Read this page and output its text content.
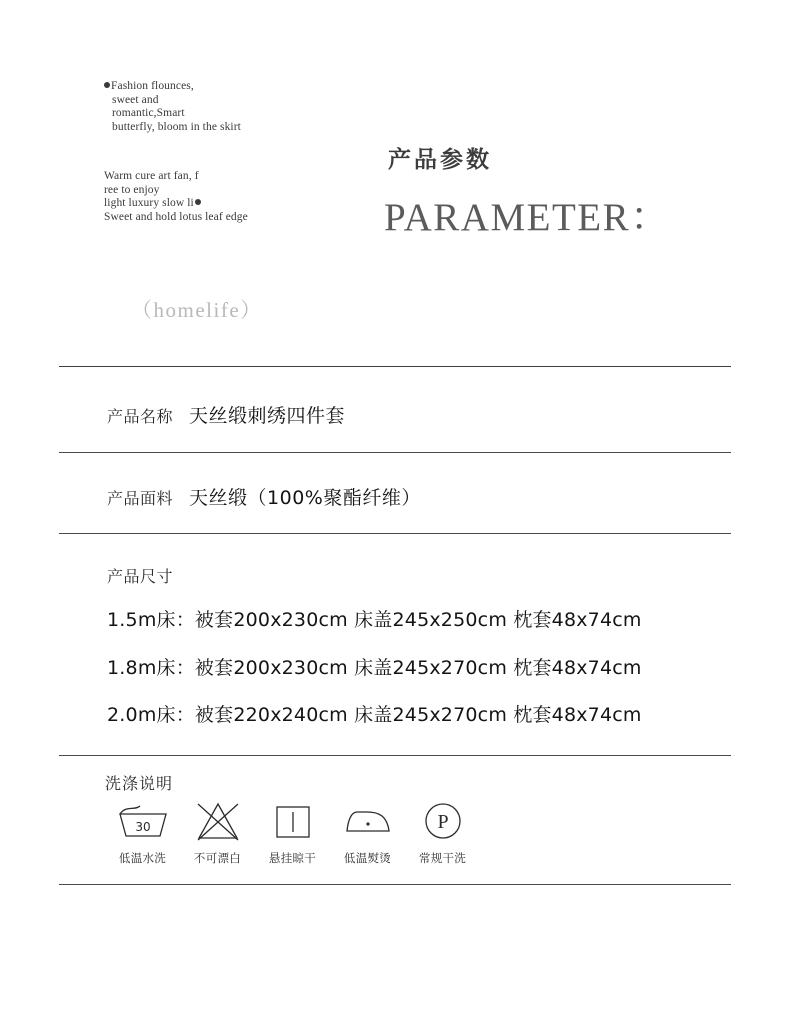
Fashion flounces,
sweet and
romantic,Smart
butterfly, bloom in the skirt
Warm cure art fan, f
ree to enjoy
light luxury slow li
Sweet and hold lotus leaf edge
产品参数
PARAMETER：
（homelife）
产品名称 天丝缎刺绣四件套
产品面料 天丝缎（100%聚酯纤维）
产品尺寸
1.5m床：被套200x230cm 床盖245x250cm 枕套48x74cm
1.8m床：被套200x230cm 床盖245x270cm 枕套48x74cm
2.0m床：被套220x240cm 床盖245x270cm 枕套48x74cm
洗涤说明
30
低温水洗 不可漂白 悬挂晾干 低温熨烫
P
常规干洗
